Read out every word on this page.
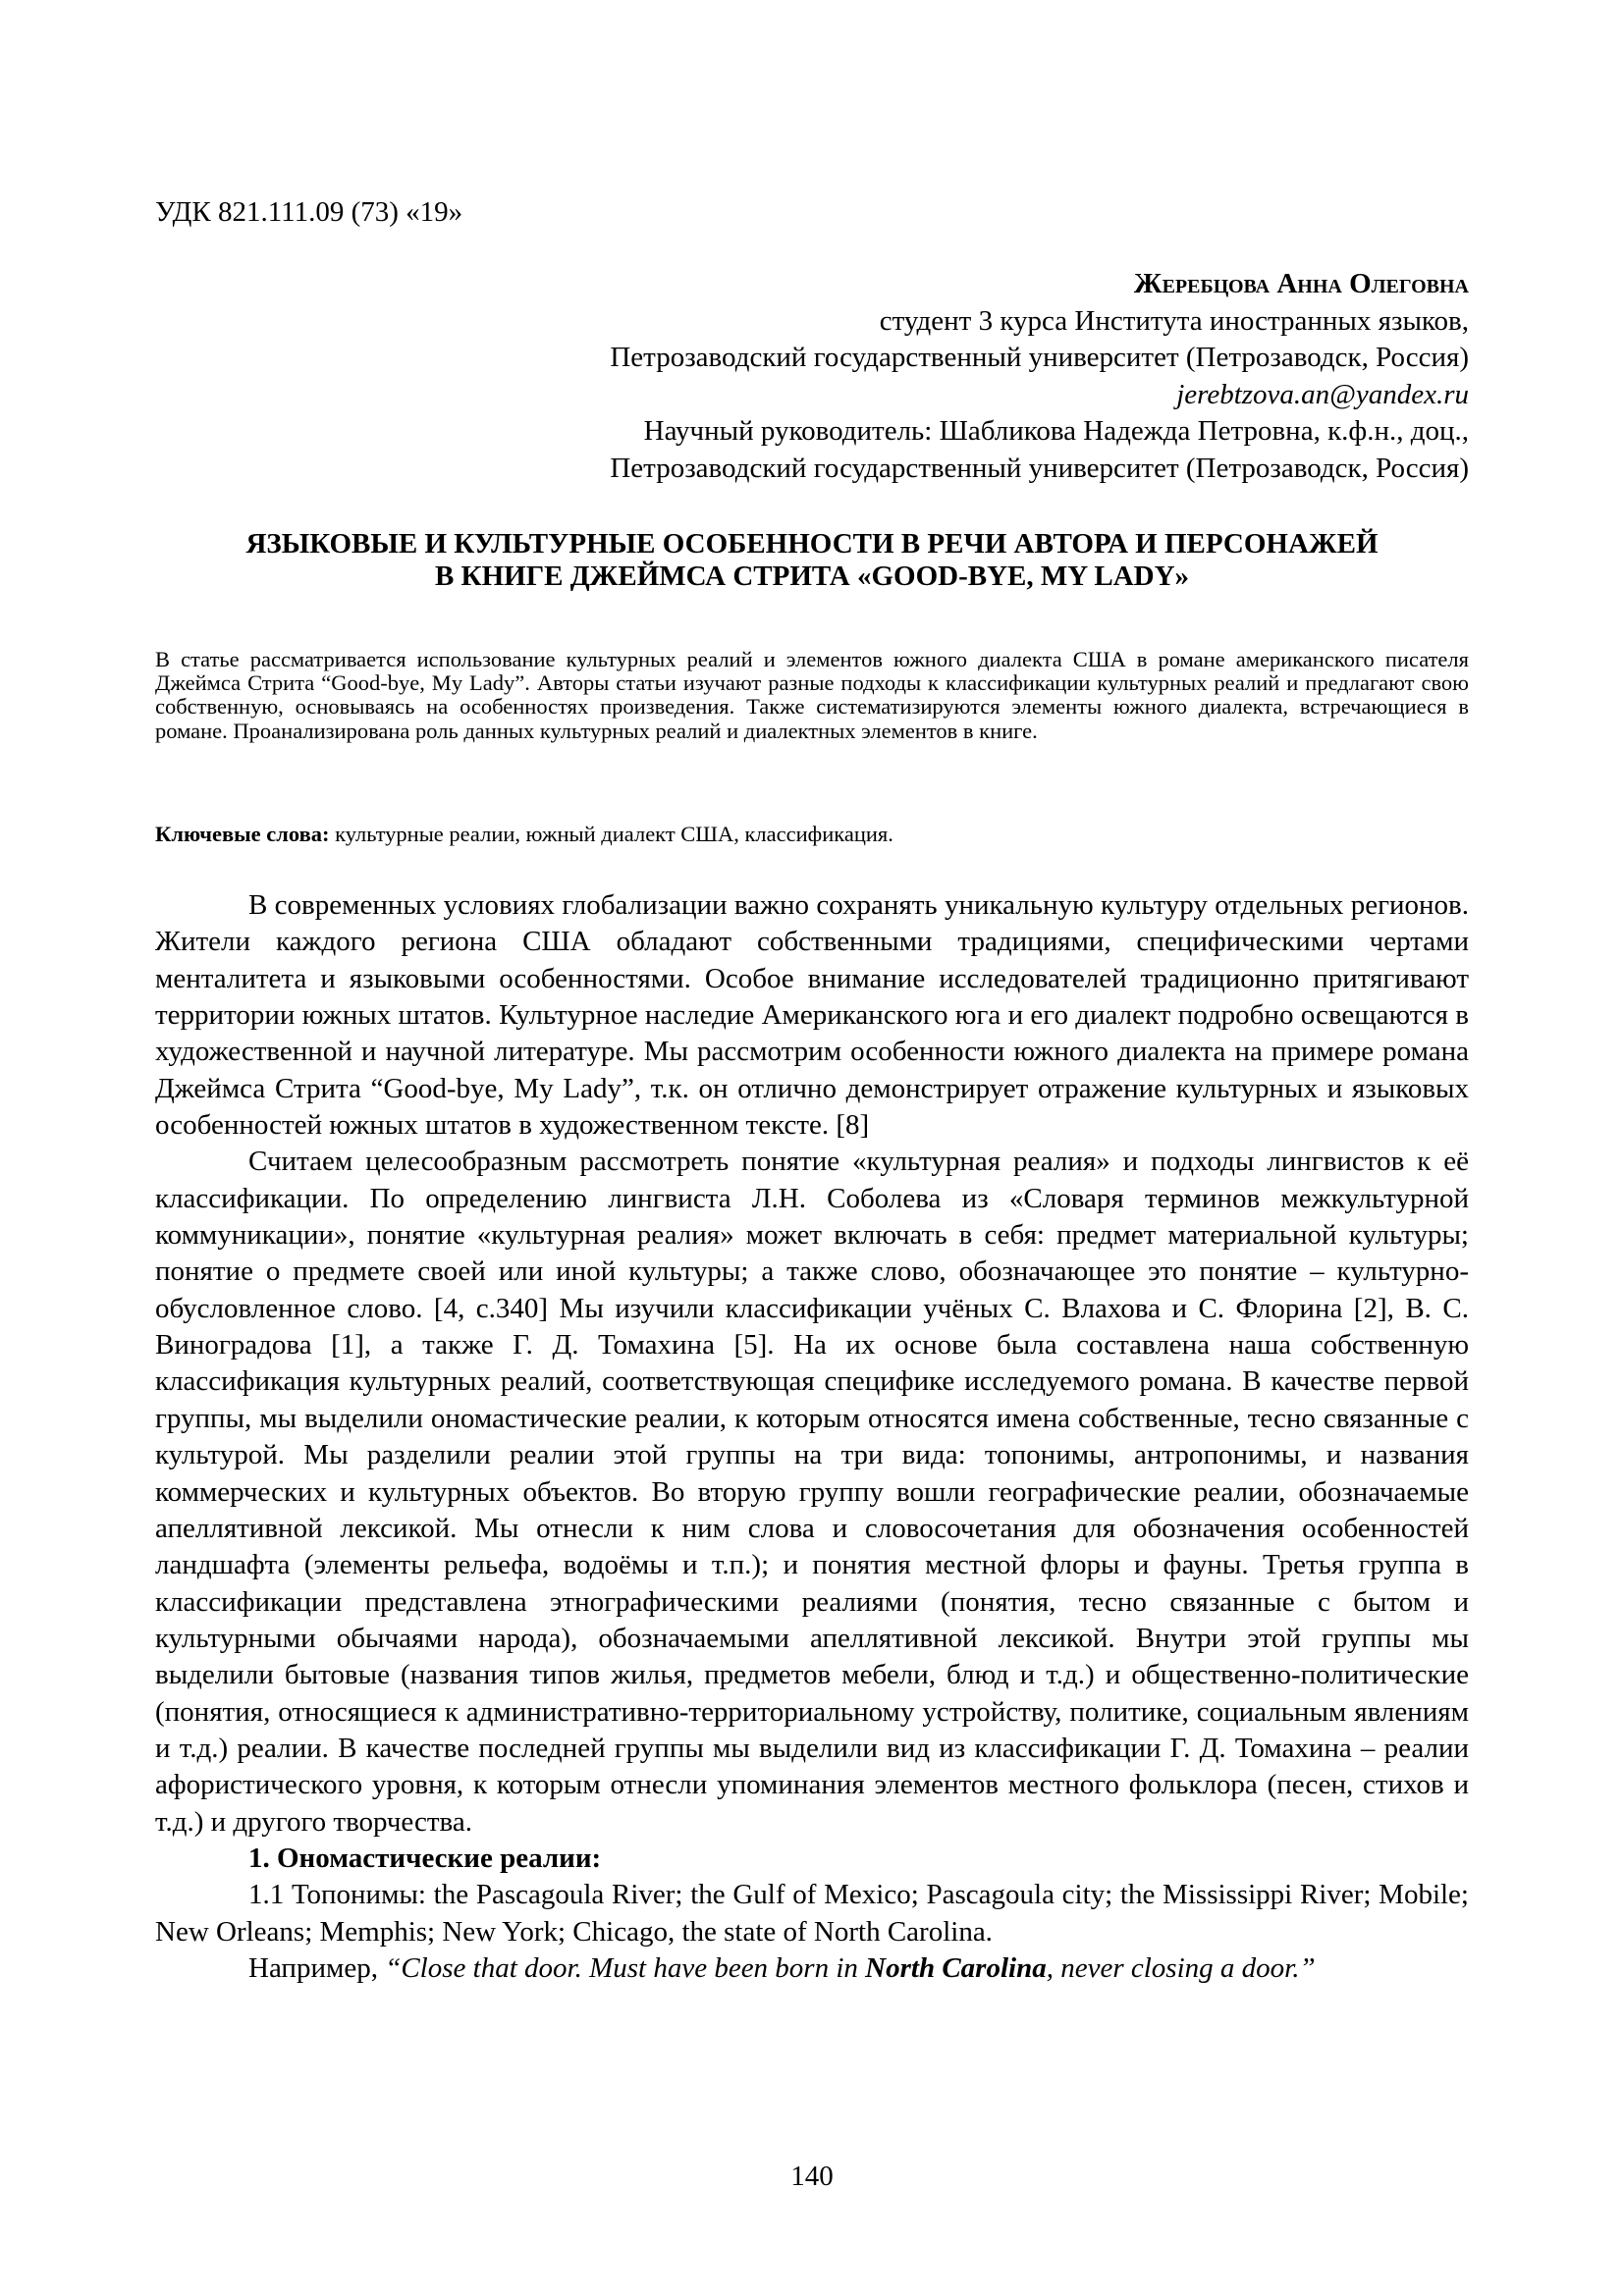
УДК 821.111.09 (73) «19»
Жеребцова Анна Олеговна
студент 3 курса Института иностранных языков,
Петрозаводский государственный университет (Петрозаводск, Россия)
jerebtzova.an@yandex.ru
Научный руководитель: Шабликова Надежда Петровна, к.ф.н., доц.,
Петрозаводский государственный университет (Петрозаводск, Россия)
ЯЗЫКОВЫЕ И КУЛЬТУРНЫЕ ОСОБЕННОСТИ В РЕЧИ АВТОРА И ПЕРСОНАЖЕЙ
В КНИГЕ ДЖЕЙМСА СТРИТА «GOOD-BYE, MY LADY»
В статье рассматривается использование культурных реалий и элементов южного диалекта США в романе американского писателя Джеймса Стрита “Good-bye, My Lady”. Авторы статьи изучают разные подходы к классификации культурных реалий и предлагают свою собственную, основываясь на особенностях произведения. Также систематизируются элементы южного диалекта, встречающиеся в романе. Проанализирована роль данных культурных реалий и диалектных элементов в книге.
Ключевые слова: культурные реалии, южный диалект США, классификация.

В современных условиях глобализации важно сохранять уникальную культуру отдельных регионов. Жители каждого региона США обладают собственными традициями, специфическими чертами менталитета и языковыми особенностями. Особое внимание исследователей традиционно притягивают территории южных штатов. Культурное наследие Американского юга и его диалект подробно освещаются в художественной и научной литературе. Мы рассмотрим особенности южного диалекта на примере романа Джеймса Стрита “Good-bye, My Lady”, т.к. он отлично демонстрирует отражение культурных и языковых особенностей южных штатов в художественном тексте. [8]

Считаем целесообразным рассмотреть понятие «культурная реалия» и подходы лингвистов к её классификации. По определению лингвиста Л.Н. Соболева из «Словаря терминов межкультурной коммуникации», понятие «культурная реалия» может включать в себя: предмет материальной культуры; понятие о предмете своей или иной культуры; а также слово, обозначающее это понятие – культурно-обусловленное слово. [4, с.340] Мы изучили классификации учёных С. Влахова и С. Флорина [2], В. С. Виноградова [1], а также Г. Д. Томахина [5]. На их основе была составлена наша собственную классификация культурных реалий, соответствующая специфике исследуемого романа. В качестве первой группы, мы выделили ономастические реалии, к которым относятся имена собственные, тесно связанные с культурой. Мы разделили реалии этой группы на три вида: топонимы, антропонимы, и названия коммерческих и культурных объектов. Во вторую группу вошли географические реалии, обозначаемые апеллятивной лексикой. Мы отнесли к ним слова и словосочетания для обозначения особенностей ландшафта (элементы рельефа, водоёмы и т.п.); и понятия местной флоры и фауны. Третья группа в классификации представлена этнографическими реалиями (понятия, тесно связанные с бытом и культурными обычаями народа), обозначаемыми апеллятивной лексикой. Внутри этой группы мы выделили бытовые (названия типов жилья, предметов мебели, блюд и т.д.) и общественно-политические (понятия, относящиеся к административно-территориальному устройству, политике, социальным явлениям и т.д.) реалии. В качестве последней группы мы выделили вид из классификации Г. Д. Томахина – реалии афористического уровня, к которым отнесли упоминания элементов местного фольклора (песен, стихов и т.д.) и другого творчества.

1. Ономастические реалии:

1.1 Топонимы: the Pascagoula River; the Gulf of Mexico; Pascagoula city; the Mississippi River; Mobile; New Orleans; Memphis; New York; Chicago, the state of North Carolina.

Например, “Close that door. Must have been born in North Carolina, never closing a door.”

140
